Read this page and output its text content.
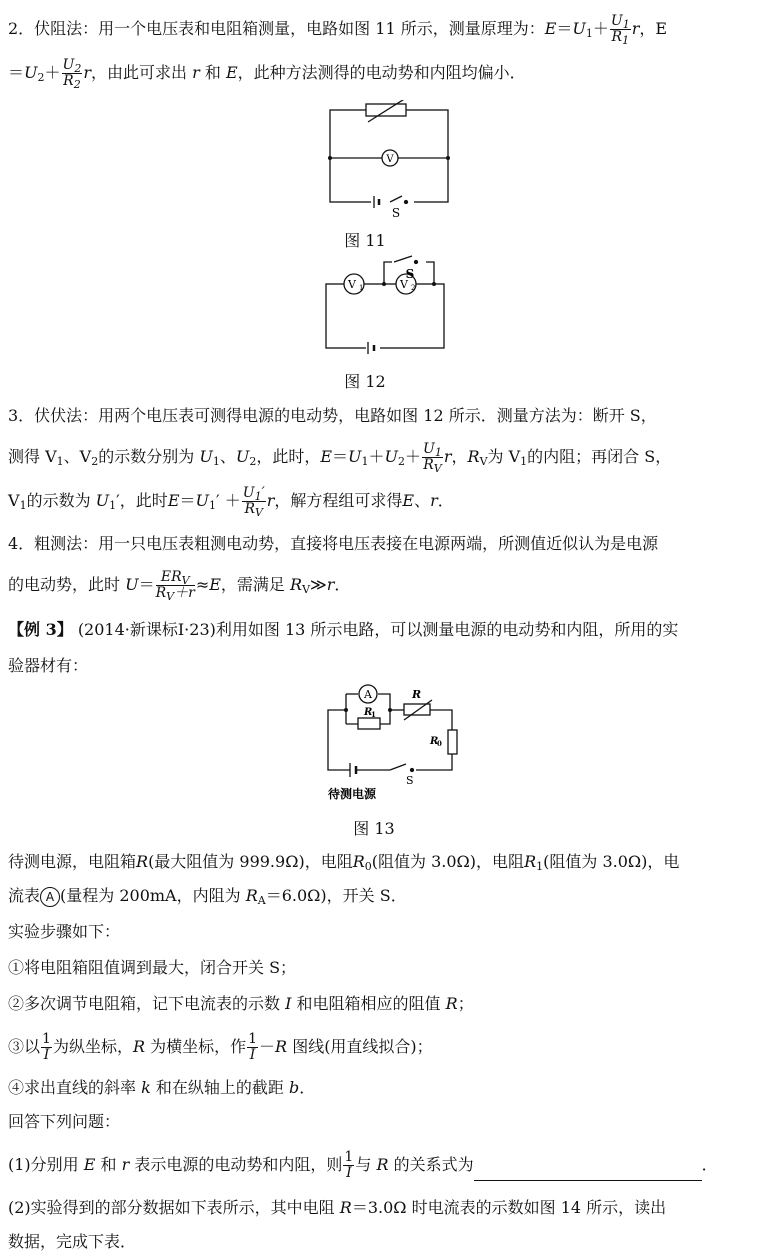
2．伏阻法：用一个电压表和电阻箱测量，电路如图 11 所示，测量原理为：$E=U_1+ \frac{U_1}{R_1}$ r，E
$=U_2+ \frac{U_2}{R_2}$ r，由此可求出 r 和 E，此种方法测得的电动势和内阻均偏小．
V
S
图 11
V 1	V 2
S
图 12
3．伏伏法：用两个电压表可测得电源的电动势，电路如图 12 所示．测量方法为：断开 S，
测得 $V_1$、$V_2$的示数分别为 $U_1$、$U_2$，此时，$E=U_1+U_2+ \frac{U_1}{R_V}$ r，$R_V$为 $V_1$的内阻；再闭合 S，
$V_1$的示数为 $U_1'$，此时$E=U_1' + \frac{U_1'}{R_V}$ r，解方程组可求得E、r．
4．粗测法：用一只电压表粗测电动势，直接将电压表接在电源两端，所测值近似认为是电源
的电动势，此时 $U= \frac{ER_V}{R_V+r} \approx E$，需满足 $R_V≫r$．
【例 3】 (2014·新课标Ⅰ·23)利用如图 13 所示电路，可以测量电源的电动势和内阻，所用的实
验器材有：
A
R
1
R
R
0
S
待测电源
图 13
待测电源，电阻箱R(最大阻值为 999.9Ω)，电阻$R_0$(阻值为 3.0Ω)，电阻$R_1$(阻值为 3.0Ω)，电
流表 A (量程为 200mA，内阻为 $R_A=6.0\Omega$)，开关 S．
实验步骤如下：
①将电阻箱阻值调到最大，闭合开关 S；
②多次调节电阻箱，记下电流表的示数 I 和电阻箱相应的阻值 R；
③以 $\frac{1}{I}$ 为纵坐标，R 为横坐标，作 $\frac{1}{I} -R$ 图线(用直线拟合)；
④求出直线的斜率 k 和在纵轴上的截距 b．
回答下列问题：
(1)分别用 E 和 r 表示电源的电动势和内阻，则 $\frac{1}{I}$ 与 R 的关系式为	．
(2)实验得到的部分数据如下表所示，其中电阻 R＝3.0Ω 时电流表的示数如图 14 所示，读出
数据，完成下表．
